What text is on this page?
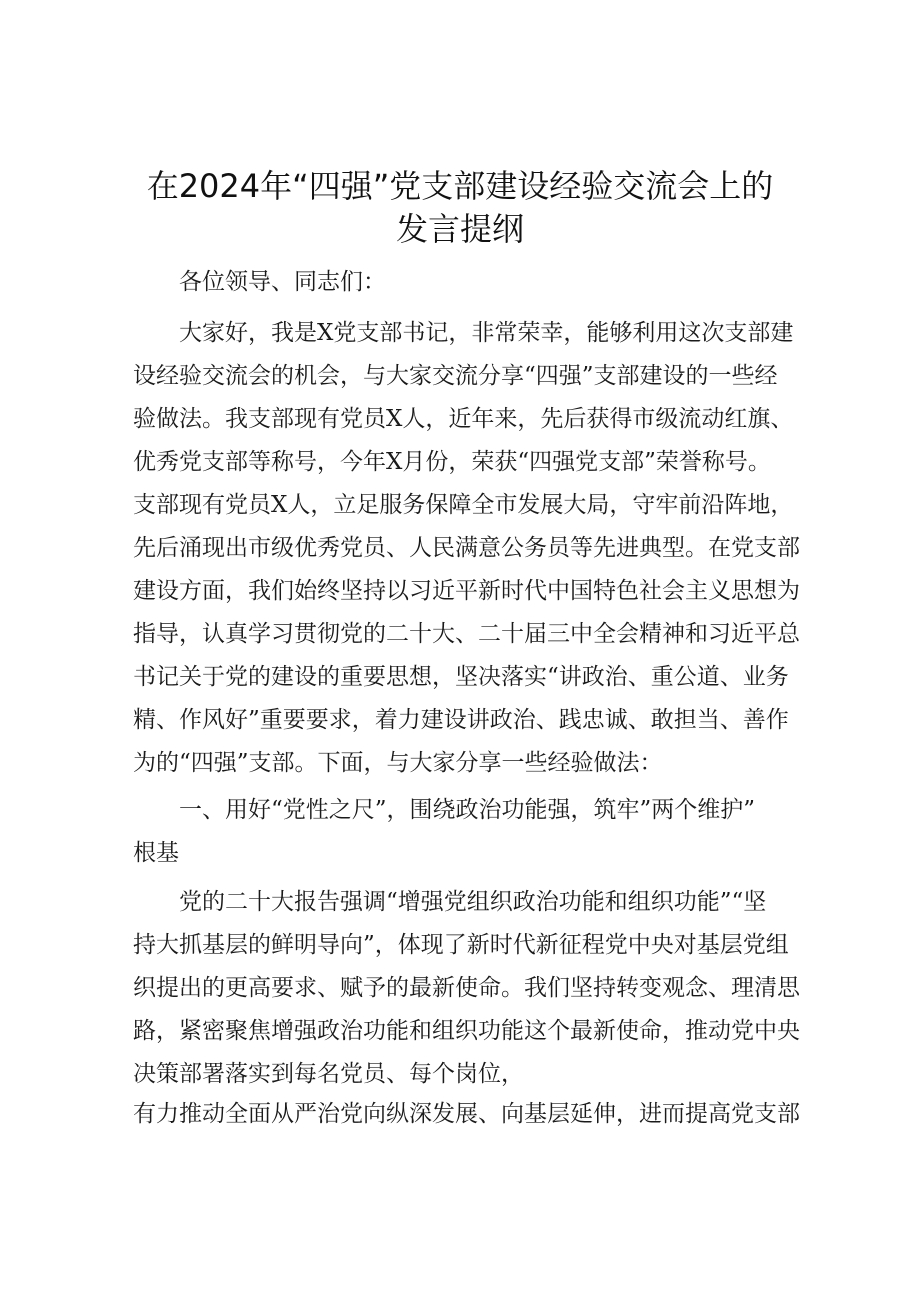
在2024年“四强”党支部建设经验交流会上的
发言提纲
各位领导、同志们：
大家好，我是X党支部书记，非常荣幸，能够利用这次支部建
设经验交流会的机会，与大家交流分享“四强”支部建设的一些经
验做法。我支部现有党员X人，近年来，先后获得市级流动红旗、
优秀党支部等称号，今年X月份，荣获“四强党支部”荣誉称号。
支部现有党员X人，立足服务保障全市发展大局，守牢前沿阵地，
先后涌现出市级优秀党员、人民满意公务员等先进典型。在党支部
建设方面，我们始终坚持以习近平新时代中国特色社会主义思想为
指导，认真学习贯彻党的二十大、二十届三中全会精神和习近平总
书记关于党的建设的重要思想，坚决落实“讲政治、重公道、业务
精、作风好”重要要求，着力建设讲政治、践忠诚、敢担当、善作
为的“四强”支部。下面，与大家分享一些经验做法：
一、用好“党性之尺”，围绕政治功能强，筑牢”两个维护”
根基
党的二十大报告强调“增强党组织政治功能和组织功能”“坚
持大抓基层的鲜明导向”，体现了新时代新征程党中央对基层党组
织提出的更高要求、赋予的最新使命。我们坚持转变观念、理清思
路，紧密聚焦增强政治功能和组织功能这个最新使命，推动党中央
决策部署落实到每名党员、每个岗位，
有力推动全面从严治党向纵深发展、向基层延伸，进而提高党支部
